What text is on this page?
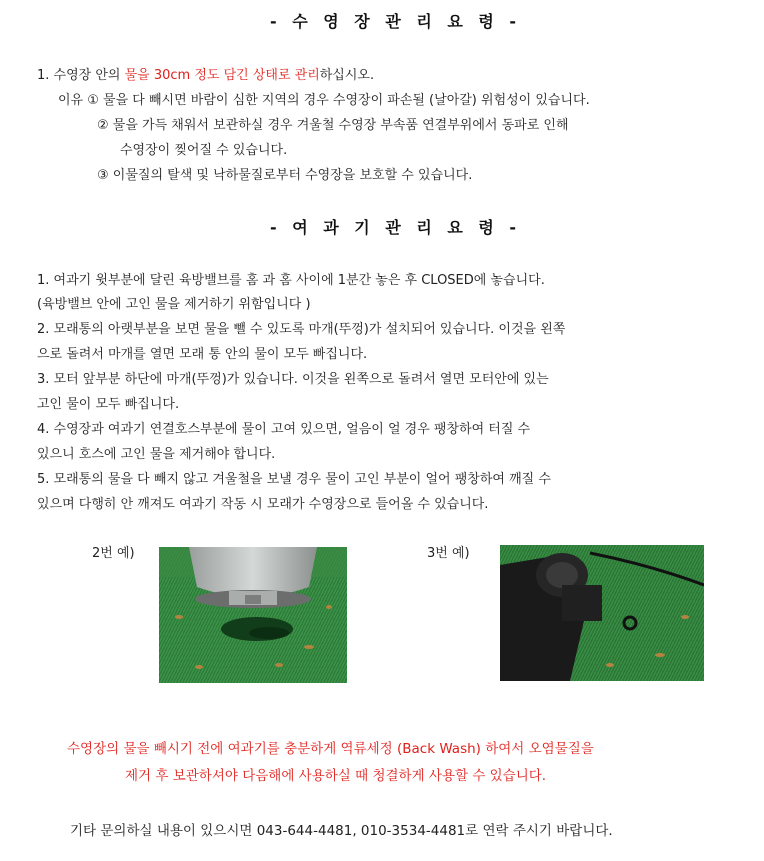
- 수 영 장 관 리 요 령 -
1. 수영장 안의 물을 30cm 정도 담긴 상태로 관리하십시오.
이유 ① 물을 다 빼시면 바람이 심한 지역의 경우 수영장이 파손될 (날아갈) 위험성이 있습니다.
② 물을 가득 채워서 보관하실 경우 겨울철 수영장 부속품 연결부위에서 동파로 인해
수영장이 찢어질 수 있습니다.
③ 이물질의 탈색 및 낙하물질로부터 수영장을 보호할 수 있습니다.
- 여 과 기 관 리 요 령 -
1. 여과기 윗부분에 달린 육방밸브를 홈 과 홈 사이에 1분간 놓은 후 CLOSED에 놓습니다.
(육방밸브 안에 고인 물을 제거하기 위함입니다 )
2. 모래통의 아랫부분을 보면 물을 뺄 수 있도록 마개(뚜껑)가 설치되어 있습니다. 이것을 왼쪽
으로 돌려서 마개를 열면 모래 통 안의 물이 모두 빠집니다.
3. 모터 앞부분 하단에 마개(뚜껑)가 있습니다. 이것을 왼쪽으로 돌려서 열면 모터안에 있는
고인 물이 모두 빠집니다.
4. 수영장과 여과기 연결호스부분에 물이 고여 있으면, 얼음이 얼 경우 팽창하여 터질 수
있으니 호스에 고인 물을 제거해야 합니다.
5. 모래통의 물을 다 빼지 않고 겨울철을 보낼 경우 물이 고인 부분이 얼어 팽창하여 깨질 수
있으며 다행히 안 깨져도 여과기 작동 시 모래가 수영장으로 들어올 수 있습니다.
2번 예)	3번 예)
수영장의 물을 빼시기 전에 여과기를 충분하게 역류세정 (Back Wash) 하여서 오염물질을
제거 후 보관하셔야 다음해에 사용하실 때 청결하게 사용할 수 있습니다.
기타 문의하실 내용이 있으시면 043-644-4481, 010-3534-4481로 연락 주시기 바랍니다.
